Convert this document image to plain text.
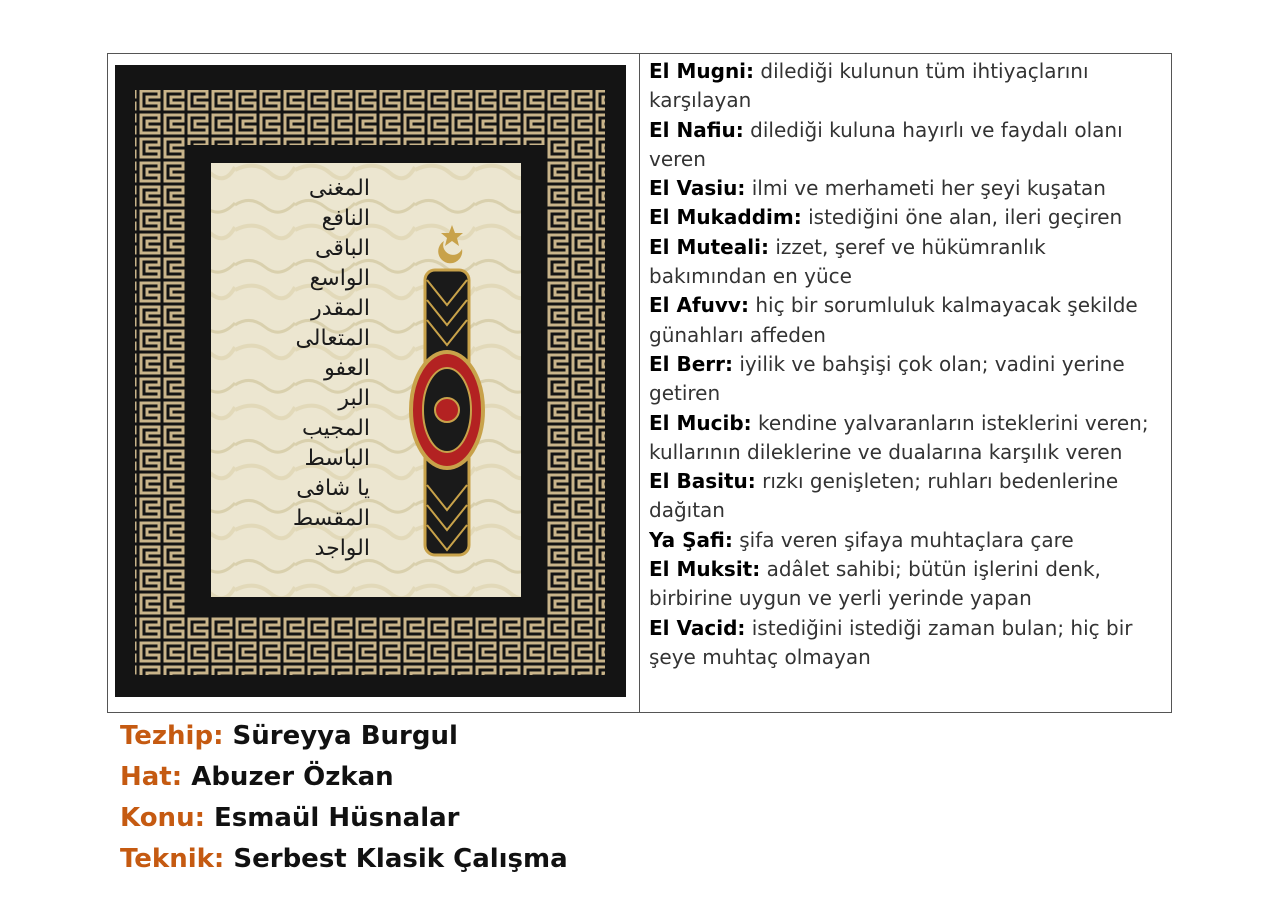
المغنى
النافع
الباقى
الواسع
المقدر
المتعالى
العفو
البر
المجيب
الباسط
يا شافى
المقسط
الواجد
El Mugni: dilediği kulunun tüm ihtiyaçlarını karşılayan
El Nafiu: dilediği kuluna hayırlı ve faydalı olanı veren
El Vasiu: ilmi ve merhameti her şeyi kuşatan
El Mukaddim: istediğini öne alan, ileri geçiren
El Muteali: izzet, şeref ve hükümranlık bakımından en yüce
El Afuvv: hiç bir sorumluluk kalmayacak şekilde günahları affeden
El Berr: iyilik ve bahşişi çok olan; vadini yerine getiren
El Mucib: kendine yalvaranların isteklerini veren; kullarının dileklerine ve dualarına karşılık veren
El Basitu: rızkı genişleten; ruhları bedenlerine dağıtan
Ya Şafi: şifa veren şifaya muhtaçlara çare
El Muksit: adâlet sahibi; bütün işlerini denk, birbirine uygun ve yerli yerinde yapan
El Vacid: istediğini istediği zaman bulan; hiç bir şeye muhtaç olmayan
Tezhip: Süreyya Burgul
Hat: Abuzer Özkan
Konu: Esmaül Hüsnalar
Teknik: Serbest Klasik Çalışma
